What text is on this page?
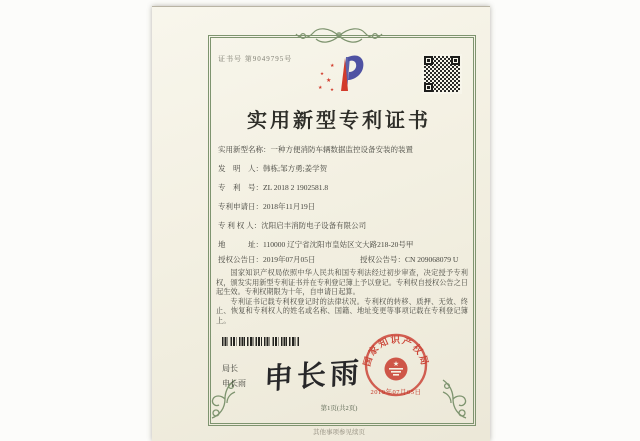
证书号 第9049795号
★
★
★
★ ★
实用新型专利证书
实用新型名称：一种方便消防车辆数据监控设备安装的装置
发　明　人：韩栋;邹方勇;姜学贺
专　利　号：ZL 2018 2 1902581.8
专利申请日：2018年11月19日
专 利 权 人：沈阳启丰消防电子设备有限公司
地　　　址：110000 辽宁省沈阳市皇姑区文大路218-20号甲
授权公告日：2019年07月05日	授权公告号：CN 209068079 U

国家知识产权局依照中华人民共和国专利法经过初步审查，决定授予专利权，颁发实用新型专利证书并在专利登记簿上予以登记。专利权自授权公告之日起生效。专利权期限为十年，自申请日起算。

专利证书记载专利权登记时的法律状况。专利权的转移、质押、无效、终止、恢复和专利权人的姓名或名称、国籍、地址变更等事项记载在专利登记簿上。

局长
申长雨 申长雨 国家知识产权局
★
2019年07月05日
第1页(共2页)
其他事项参见续页
